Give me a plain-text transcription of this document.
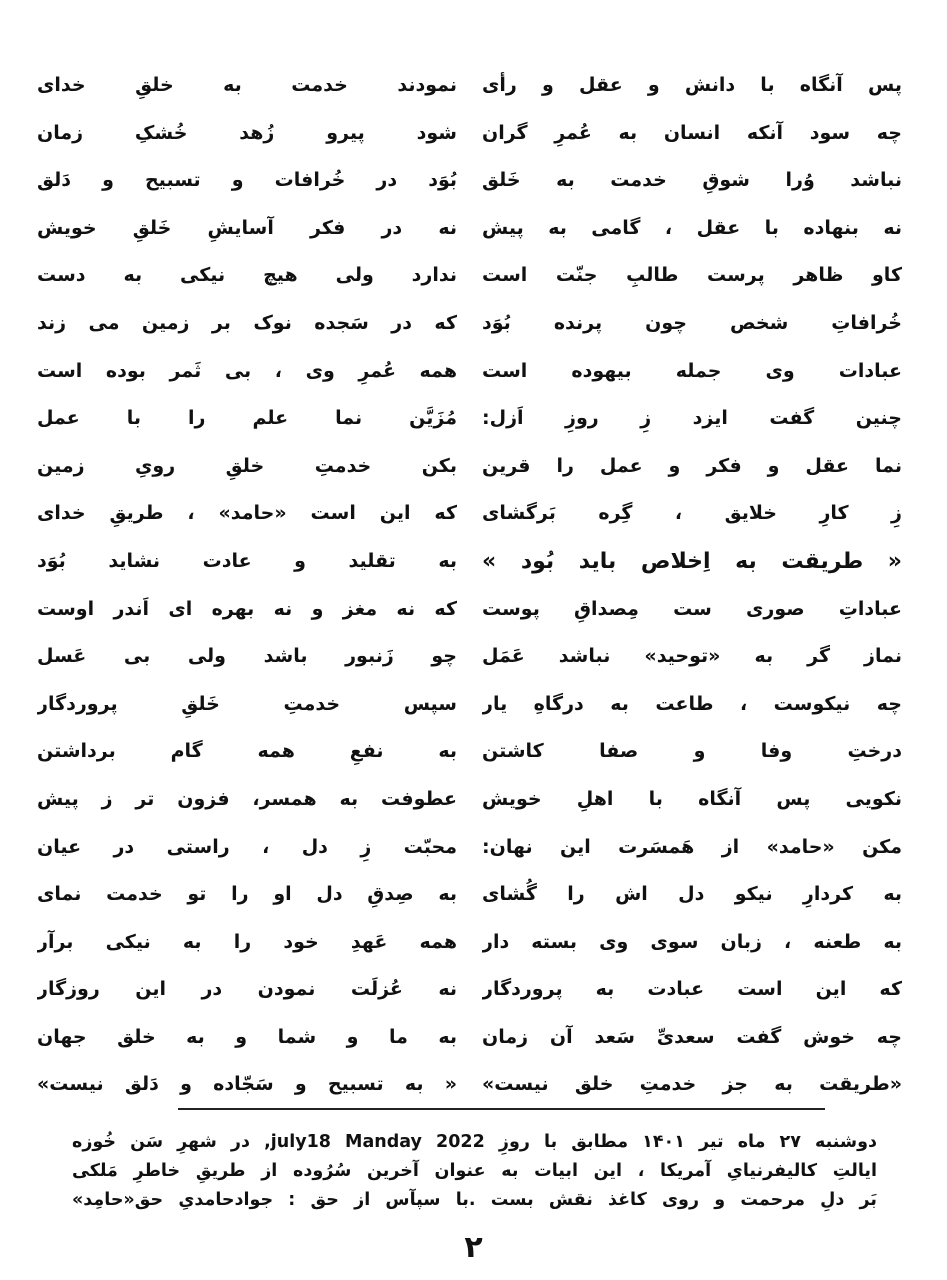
پس آنگاه با دانش و عقل و رأی
چه سود آنکه انسان به عُمرِ گران
نباشد وُرا شوقِ خدمت به خَلق
نه بنهاده با عقل ، گامی به پیش
کاو ظاهر پرست طالبِ جنّت است
خُرافاتِ شخص چون پرنده بُوَد
عبادات وی جمله بیهوده است
چنین گفت ایزد زِ روزِ اَزل:
نما عقل و فکر و عمل را قرین
زِ کارِ خلایق ، گِره بَرگشای
« طریقت به اِخلاص باید بُود »
عباداتِ صوری ست مِصداقِ پوست
نماز گر به «توحید» نباشد عَمَل
چه نیکوست ، طاعت به درگاهِ یار
درختِ وفا و صفا کاشتن
نکویی پس آنگاه با اهلِ خویش
مکن «حامد» از هَمسَرت این نهان:
به کردارِ نیکو دل اش را گُشای
به طعنه ، زبان سوی وی بسته دار
که این است عبادت به پروردگار
چه خوش گفت سعدیِّ سَعد آن زمان
«طریقت به جز خدمتِ خلق نیست»
نمودند خدمت به خلقِ خدای
شود پیرو زُهد خُشکِ زمان
بُوَد در خُرافات و تسبیح و دَلق
نه در فکر آسایشِ خَلقِ خویش
ندارد ولی هیچ نیکی به دست
که در سَجده نوک بر زمین می زند
همه عُمرِ وی ، بی ثَمر بوده است
مُزَیَّن نما علم را با عمل
بکن خدمتِ خلقِ رویِ زمین
که این است «حامد» ، طریقِ خدای
به تقلید و عادت نشاید بُوَد
که نه مغز و نه بهره ای اَندر اوست
چو زَنبور باشد ولی بی عَسل
سپس خدمتِ خَلقِ پروردگار
به نفعِ همه گام برداشتن
عطوفت به همسر، فزون تر ز پیش
محبّت زِ دل ، راستی در عیان
به صِدقِ دل او را تو خدمت نمای
همه عَهدِ خود را به نیکی برآر
نه عُزلَت نمودن در این روزگار
به ما و شما و به خلق جهان
« به تسبیح و سَجّاده و دَلق نیست»
دوشنبه ۲۷ ماه تیر ۱۴۰۱ مطابق با روزِ july18 Manday 2022, در شهرِ سَن خُوزه
ایالتِ کالیفرنیایِ آمریکا ، این ابیات به عنوان آخرین سُرُوده از طریقِ خاطرِ مَلکی
بَر دلِ مرحمت و روی کاغذ نقش بست .با سپآس از حق : جوادحامدیِ حق«حامِد»
۲
